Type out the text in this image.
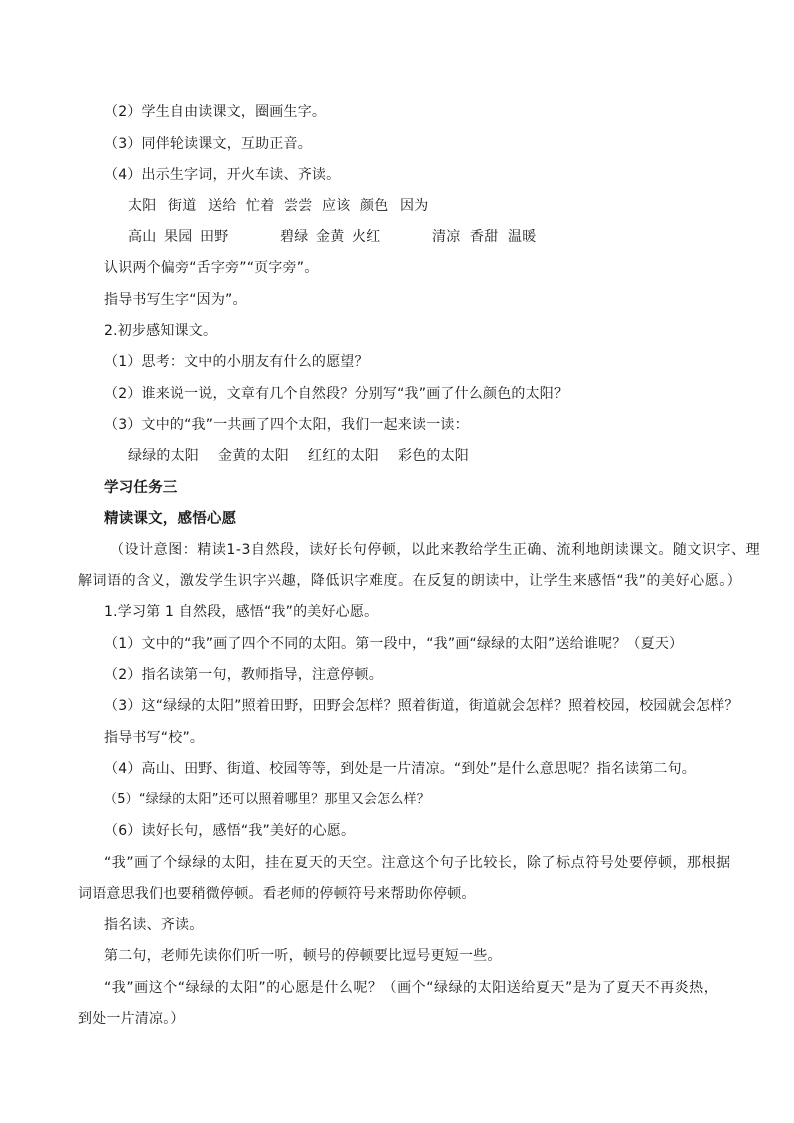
（2）学生自由读课文，圈画生字。
（3）同伴轮读课文，互助正音。
（4）出示生字词，开火车读、齐读。
太阳 街道 送给 忙着 尝尝 应该 颜色 因为
高山 果园 田野	碧绿 金黄 火红	清凉 香甜 温暖
认识两个偏旁“舌字旁”“页字旁”。
指导书写生字“因为”。
2.初步感知课文。
（1）思考：文中的小朋友有什么的愿望？
（2）谁来说一说，文章有几个自然段？分别写“我”画了什么颜色的太阳？
（3）文中的“我”一共画了四个太阳，我们一起来读一读：
绿绿的太阳 金黄的太阳 红红的太阳 彩色的太阳
学习任务三
精读课文，感悟心愿
（设计意图：精读1-3自然段，读好长句停顿，以此来教给学生正确、流利地朗读课文。随文识字、理
解词语的含义，激发学生识字兴趣，降低识字难度。在反复的朗读中，让学生来感悟“我”的美好心愿。）
1.学习第 1 自然段，感悟“我”的美好心愿。
（1）文中的“我”画了四个不同的太阳。第一段中，“我”画“绿绿的太阳”送给谁呢？（夏天）
（2）指名读第一句，教师指导，注意停顿。
（3）这“绿绿的太阳”照着田野，田野会怎样？照着街道，街道就会怎样？照着校园，校园就会怎样？
指导书写“校”。
（4）高山、田野、街道、校园等等，到处是一片清凉。“到处”是什么意思呢？指名读第二句。
（5）“绿绿的太阳”还可以照着哪里？那里又会怎么样？
（6）读好长句，感悟“我”美好的心愿。
“我”画了个绿绿的太阳，挂在夏天的天空。注意这个句子比较长，除了标点符号处要停顿，那根据
词语意思我们也要稍微停顿。看老师的停顿符号来帮助你停顿。
指名读、齐读。
第二句，老师先读你们听一听，顿号的停顿要比逗号更短一些。
“我”画这个“绿绿的太阳”的心愿是什么呢？（画个“绿绿的太阳送给夏天”是为了夏天不再炎热，
到处一片清凉。）
